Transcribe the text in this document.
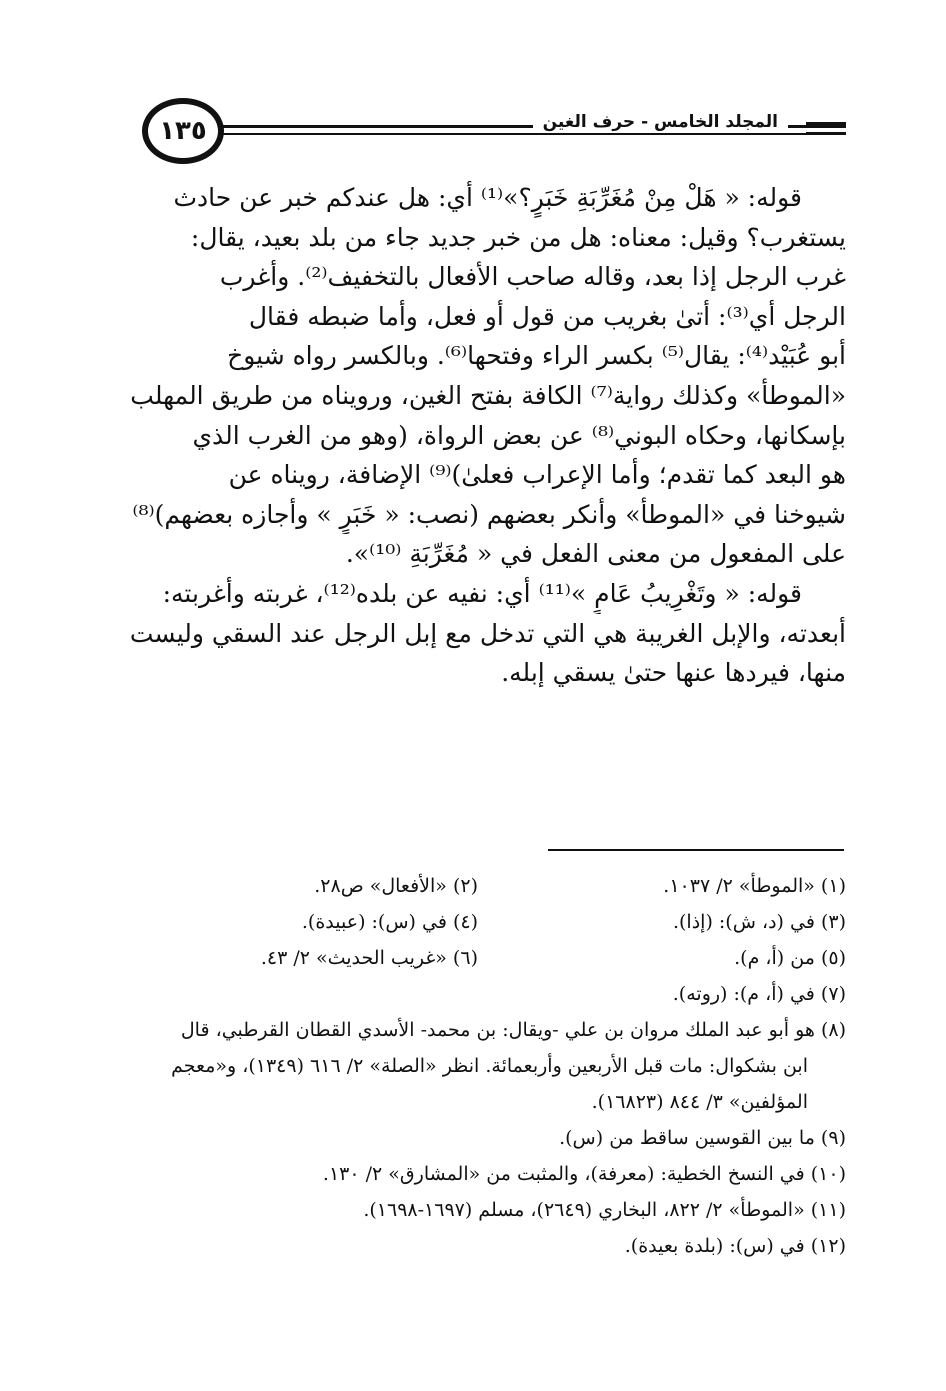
١٣٥	المجلد الخامس - حرف الغين
قوله: « هَلْ مِنْ مُغَرِّبَةِ خَبَرٍ؟»⁽¹⁾ أي: هل عندكم خبر عن حادث
يستغرب؟ وقيل: معناه: هل من خبر جديد جاء من بلد بعيد، يقال:
غرب الرجل إذا بعد، وقاله صاحب الأفعال بالتخفيف⁽²⁾. وأغرب
الرجل أي⁽³⁾: أتىٰ بغريب من قول أو فعل، وأما ضبطه فقال
أبو عُبَيْد⁽⁴⁾: يقال⁽⁵⁾ بكسر الراء وفتحها⁽⁶⁾. وبالكسر رواه شيوخ
«الموطأ» وكذلك رواية⁽⁷⁾ الكافة بفتح الغين، ورويناه من طريق المهلب
بإسكانها، وحكاه البوني⁽⁸⁾ عن بعض الرواة، (وهو من الغرب الذي
هو البعد كما تقدم؛ وأما الإعراب فعلىٰ)⁽⁹⁾ الإضافة، رويناه عن
شيوخنا في «الموطأ» وأنكر بعضهم (نصب: « خَبَرٍ » وأجازه بعضهم)⁽⁸⁾
على المفعول من معنى الفعل في « مُغَرِّبَةِ ⁽¹⁰⁾».
قوله: « وتَغْرِيبُ عَامٍ »⁽¹¹⁾ أي: نفيه عن بلده⁽¹²⁾، غربته وأغربته:
أبعدته، والإبل الغريبة هي التي تدخل مع إبل الرجل عند السقي وليست
منها، فيردها عنها حتىٰ يسقي إبله.
(١) «الموطأ» ٢/ ١٠٣٧.
(٢) «الأفعال» ص٢٨.
(٣) في (د، ش): (إذا).
(٤) في (س): (عبيدة).
(٥) من (أ، م).
(٦) «غريب الحديث» ٢/ ٤٣.
(٧) في (أ، م): (روته).
(٨) هو أبو عبد الملك مروان بن علي -ويقال: بن محمد- الأسدي القطان القرطبي، قال
ابن بشكوال: مات قبل الأربعين وأربعمائة. انظر «الصلة» ٢/ ٦١٦ (١٣٤٩)، و«معجم
المؤلفين» ٣/ ٨٤٤ (١٦٨٢٣).
(٩) ما بين القوسين ساقط من (س).
(١٠) في النسخ الخطية: (معرفة)، والمثبت من «المشارق» ٢/ ١٣٠.
(١١) «الموطأ» ٢/ ٨٢٢، البخاري (٢٦٤٩)، مسلم (١٦٩٧-١٦٩٨).
(١٢) في (س): (بلدة بعيدة).
